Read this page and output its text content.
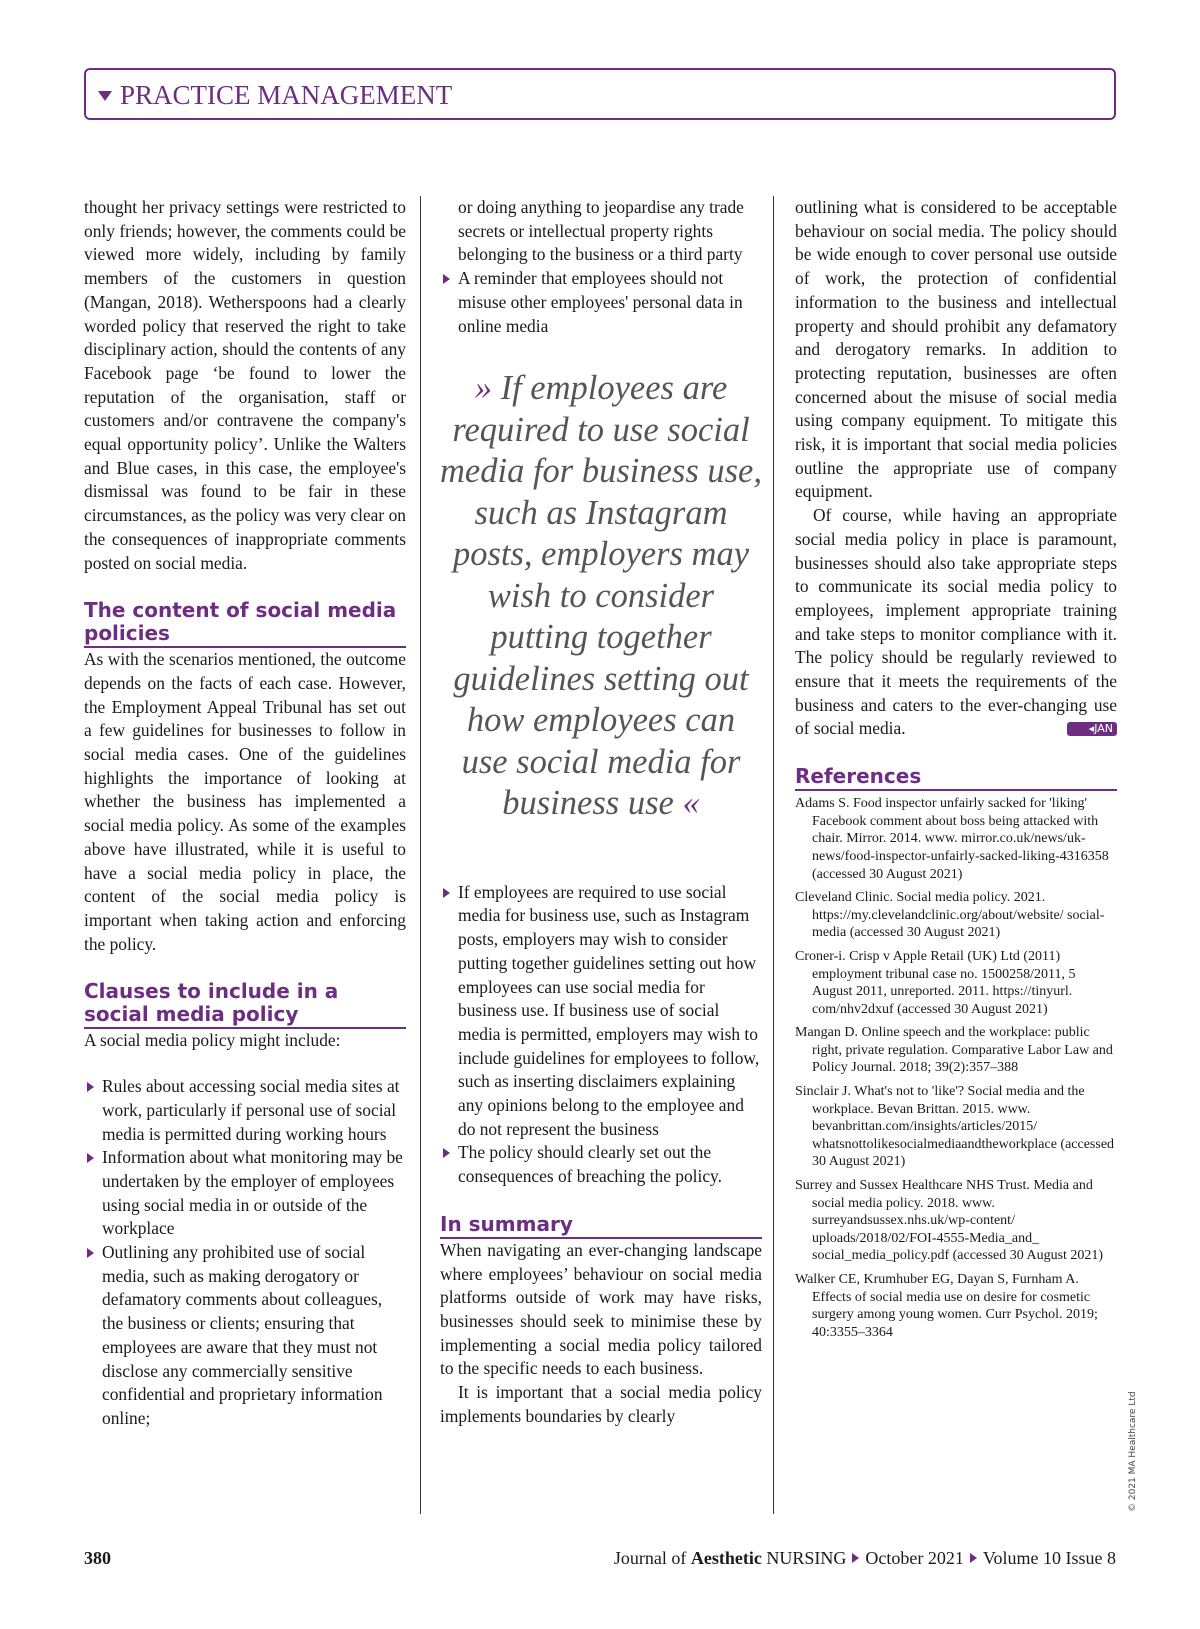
PRACTICE MANAGEMENT

thought her privacy settings were restricted to only friends; however, the comments could be viewed more widely, including by family members of the customers in question (Mangan, 2018). Wetherspoons had a clearly worded policy that reserved the right to take disciplinary action, should the contents of any Facebook page ‘be found to lower the reputation of the organisation, staff or customers and/or contravene the company's equal opportunity policy’. Unlike the Walters and Blue cases, in this case, the employee's dismissal was found to be fair in these circumstances, as the policy was very clear on the consequences of inappropriate comments posted on social media.

The content of social media policies

As with the scenarios mentioned, the outcome depends on the facts of each case. However, the Employment Appeal Tribunal has set out a few guidelines for businesses to follow in social media cases. One of the guidelines highlights the importance of looking at whether the business has implemented a social media policy. As some of the examples above have illustrated, while it is useful to have a social media policy in place, the content of the social media policy is important when taking action and enforcing the policy.

Clauses to include in a social media policy

A social media policy might include:

Rules about accessing social media sites at work, particularly if personal use of social media is permitted during working hours
Information about what monitoring may be undertaken by the employer of employees using social media in or outside of the workplace
Outlining any prohibited use of social media, such as making derogatory or defamatory comments about colleagues, the business or clients; ensuring that employees are aware that they must not disclose any commercially sensitive confidential and proprietary information online;

or doing anything to jeopardise any trade secrets or intellectual property rights belonging to the business or a third party

A reminder that employees should not misuse other employees' personal data in online media
» If employees are required to use social media for business use, such as Instagram posts, employers may wish to consider putting together guidelines setting out how employees can use social media for business use «
If employees are required to use social media for business use, such as Instagram posts, employers may wish to consider putting together guidelines setting out how employees can use social media for business use. If business use of social media is permitted, employers may wish to include guidelines for employees to follow, such as inserting disclaimers explaining any opinions belong to the employee and do not represent the business
The policy should clearly set out the consequences of breaching the policy.
In summary

When navigating an ever-changing landscape where employees’ behaviour on social media platforms outside of work may have risks, businesses should seek to minimise these by implementing a social media policy tailored to the specific needs to each business.

It is important that a social media policy implements boundaries by clearly

outlining what is considered to be acceptable behaviour on social media. The policy should be wide enough to cover personal use outside of work, the protection of confidential information to the business and intellectual property and should prohibit any defamatory and derogatory remarks. In addition to protecting reputation, businesses are often concerned about the misuse of social media using company equipment. To mitigate this risk, it is important that social media policies outline the appropriate use of company equipment.

Of course, while having an appropriate social media policy in place is paramount, businesses should also take appropriate steps to communicate its social media policy to employees, implement appropriate training and take steps to monitor compliance with it. The policy should be regularly reviewed to ensure that it meets the requirements of the business and caters to the ever-changing use of social media.	◂JAN

References
Adams S. Food inspector unfairly sacked for 'liking' Facebook comment about boss being attacked with chair. Mirror. 2014. www. mirror.co.uk/news/uk-news/food-inspector-unfairly-sacked-liking-4316358 (accessed 30 August 2021)
Cleveland Clinic. Social media policy. 2021. https://my.clevelandclinic.org/about/website/ social-media (accessed 30 August 2021)
Croner-i. Crisp v Apple Retail (UK) Ltd (2011) employment tribunal case no. 1500258/2011, 5 August 2011, unreported. 2011. https://tinyurl. com/nhv2dxuf (accessed 30 August 2021)
Mangan D. Online speech and the workplace: public right, private regulation. Comparative Labor Law and Policy Journal. 2018; 39(2):357–388
Sinclair J. What's not to 'like'? Social media and the workplace. Bevan Brittan. 2015. www. bevanbrittan.com/insights/articles/2015/ whatsnottolikesocialmediaandtheworkplace (accessed 30 August 2021)
Surrey and Sussex Healthcare NHS Trust. Media and social media policy. 2018. www. surreyandsussex.nhs.uk/wp-content/ uploads/2018/02/FOI-4555-Media_and_ social_media_policy.pdf (accessed 30 August 2021)
Walker CE, Krumhuber EG, Dayan S, Furnham A. Effects of social media use on desire for cosmetic surgery among young women. Curr Psychol. 2019; 40:3355–3364
© 2021 MA Healthcare Ltd
380	Journal of Aesthetic NURSING October 2021 Volume 10 Issue 8
